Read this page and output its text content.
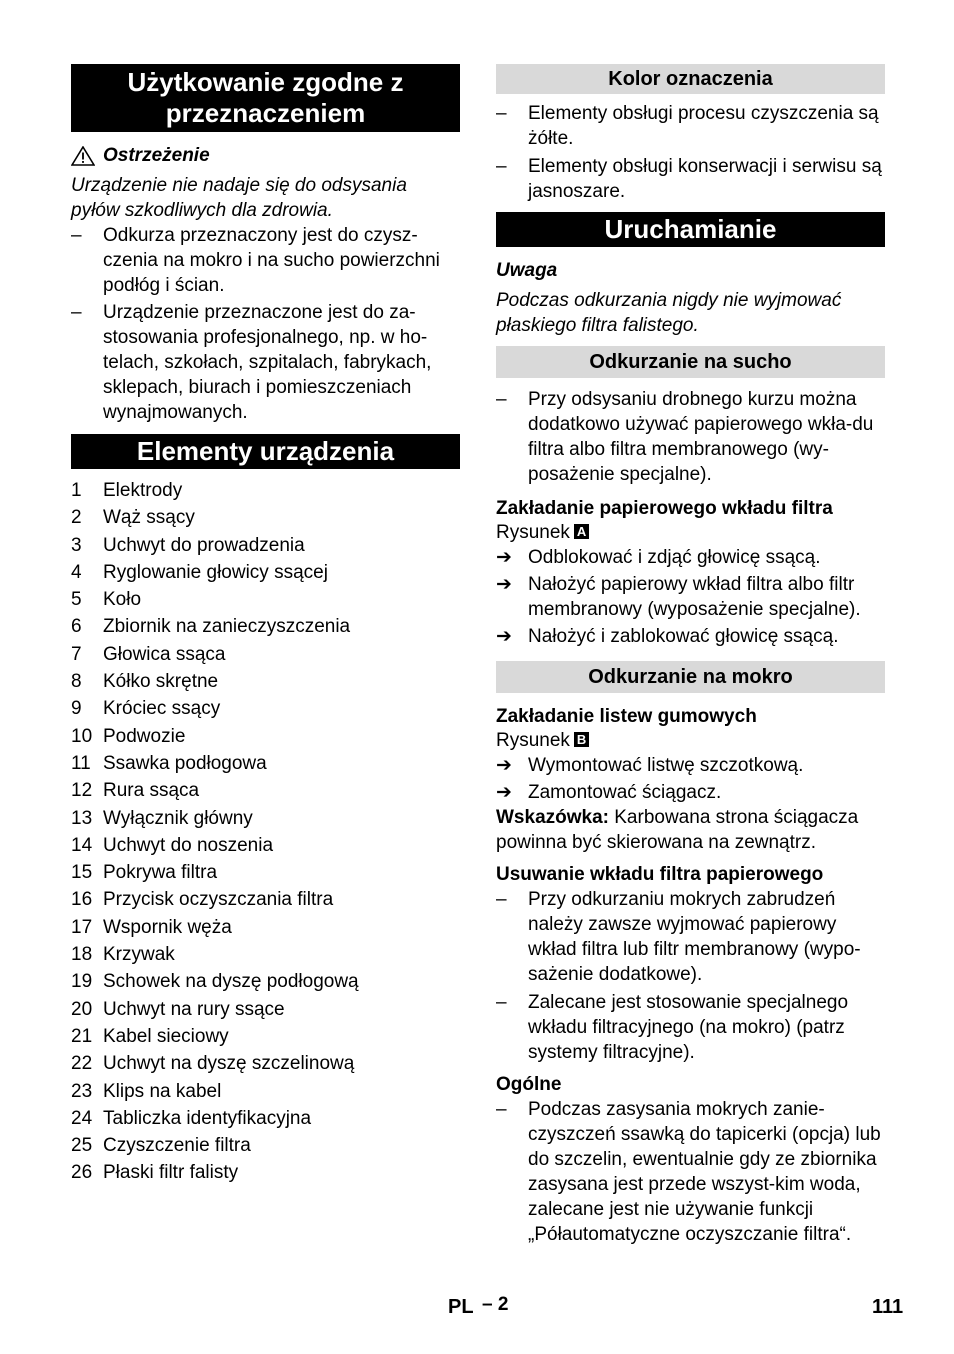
Użytkowanie zgodne z przeznaczeniem
Ostrzeżenie

Urządzenie nie nadaje się do odsysania pyłów szkodliwych dla zdrowia.

–	Odkurza przeznaczony jest do czysz-czenia na mokro i na sucho powierzchni podłóg i ścian.
–	Urządzenie przeznaczone jest do za-stosowania profesjonalnego, np. w ho-telach, szkołach, szpitalach, fabrykach, sklepach, biurach i pomieszczeniach wynajmowanych.
Elementy urządzenia
1 Elektrody
2 Wąż ssący
3 Uchwyt do prowadzenia
4 Ryglowanie głowicy ssącej
5 Koło
6 Zbiornik na zanieczyszczenia
7 Głowica ssąca
8 Kółko skrętne
9 Króciec ssący
10 Podwozie
11 Ssawka podłogowa
12 Rura ssąca
13 Wyłącznik główny
14 Uchwyt do noszenia
15 Pokrywa filtra
16 Przycisk oczyszczania filtra
17 Wspornik węża
18 Krzywak
19 Schowek na dyszę podłogową
20 Uchwyt na rury ssące
21 Kabel sieciowy
22 Uchwyt na dyszę szczelinową
23 Klips na kabel
24 Tabliczka identyfikacyjna
25 Czyszczenie filtra
26 Płaski filtr falisty
Kolor oznaczenia
–	Elementy obsługi procesu czyszczenia są żółte.
–	Elementy obsługi konserwacji i serwisu są jasnoszare.
Uruchamianie

Uwaga

Podczas odkurzania nigdy nie wyjmować płaskiego filtra falistego.

Odkurzanie na sucho
–	Przy odsysaniu drobnego kurzu można dodatkowo używać papierowego wkła-du filtra albo filtra membranowego (wy-posażenie specjalne).

Zakładanie papierowego wkładu filtra

Rysunek A

➔ Odblokować i zdjąć głowicę ssącą.
➔ Nałożyć papierowy wkład filtra albo filtr membranowy (wyposażenie specjalne).
➔ Nałożyć i zablokować głowicę ssącą.
Odkurzanie na mokro

Zakładanie listew gumowych

Rysunek B

➔ Wymontować listwę szczotkową.
➔ Zamontować ściągacz.

Wskazówka: Karbowana strona ściągacza powinna być skierowana na zewnątrz.

Usuwanie wkładu filtra papierowego

–	Przy odkurzaniu mokrych zabrudzeń należy zawsze wyjmować papierowy wkład filtra lub filtr membranowy (wypo-sażenie dodatkowe).
–	Zalecane jest stosowanie specjalnego wkładu filtracyjnego (na mokro) (patrz systemy filtracyjne).

Ogólne

–	Podczas zasysania mokrych zanie-czyszczeń ssawką do tapicerki (opcja) lub do szczelin, ewentualnie gdy ze zbiornika zasysana jest przede wszyst-kim woda, zalecane jest nie używanie funkcji „Półautomatyczne oczyszczanie filtra“.
PL – 2	111
